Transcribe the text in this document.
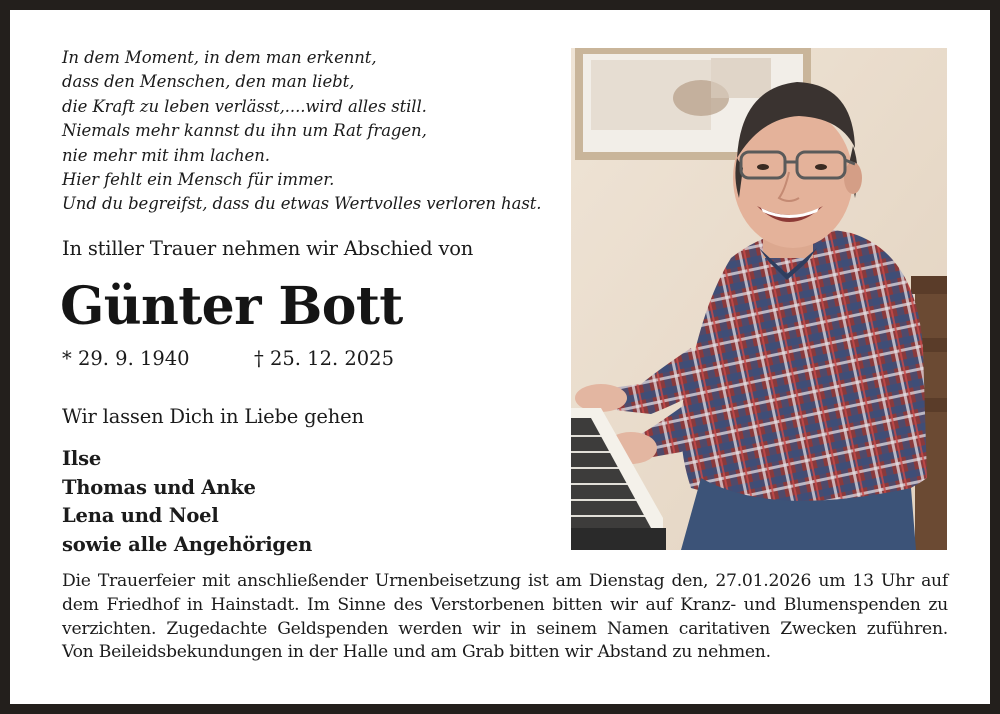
In dem Moment, in dem man erkennt,
dass den Menschen, den man liebt,
die Kraft zu leben verlässt,....wird alles still.
Niemals mehr kannst du ihn um Rat fragen,
nie mehr mit ihm lachen.
Hier fehlt ein Mensch für immer.
Und du begreifst, dass du etwas Wertvolles verloren hast.
In stiller Trauer nehmen wir Abschied von
Günter Bott
* 29. 9. 1940	† 25. 12. 2025
Wir lassen Dich in Liebe gehen
Ilse
Thomas und Anke
Lena und Noel
sowie alle Angehörigen
Die Trauerfeier mit anschließender Urnenbeisetzung ist am Dienstag den, 27.01.2026 um 13 Uhr auf
dem Friedhof in Hainstadt. Im Sinne des Verstorbenen bitten wir auf Kranz- und Blumenspenden zu
verzichten. Zugedachte Geldspenden werden wir in seinem Namen caritativen Zwecken zuführen.
Von Beileidsbekundungen in der Halle und am Grab bitten wir Abstand zu nehmen.
